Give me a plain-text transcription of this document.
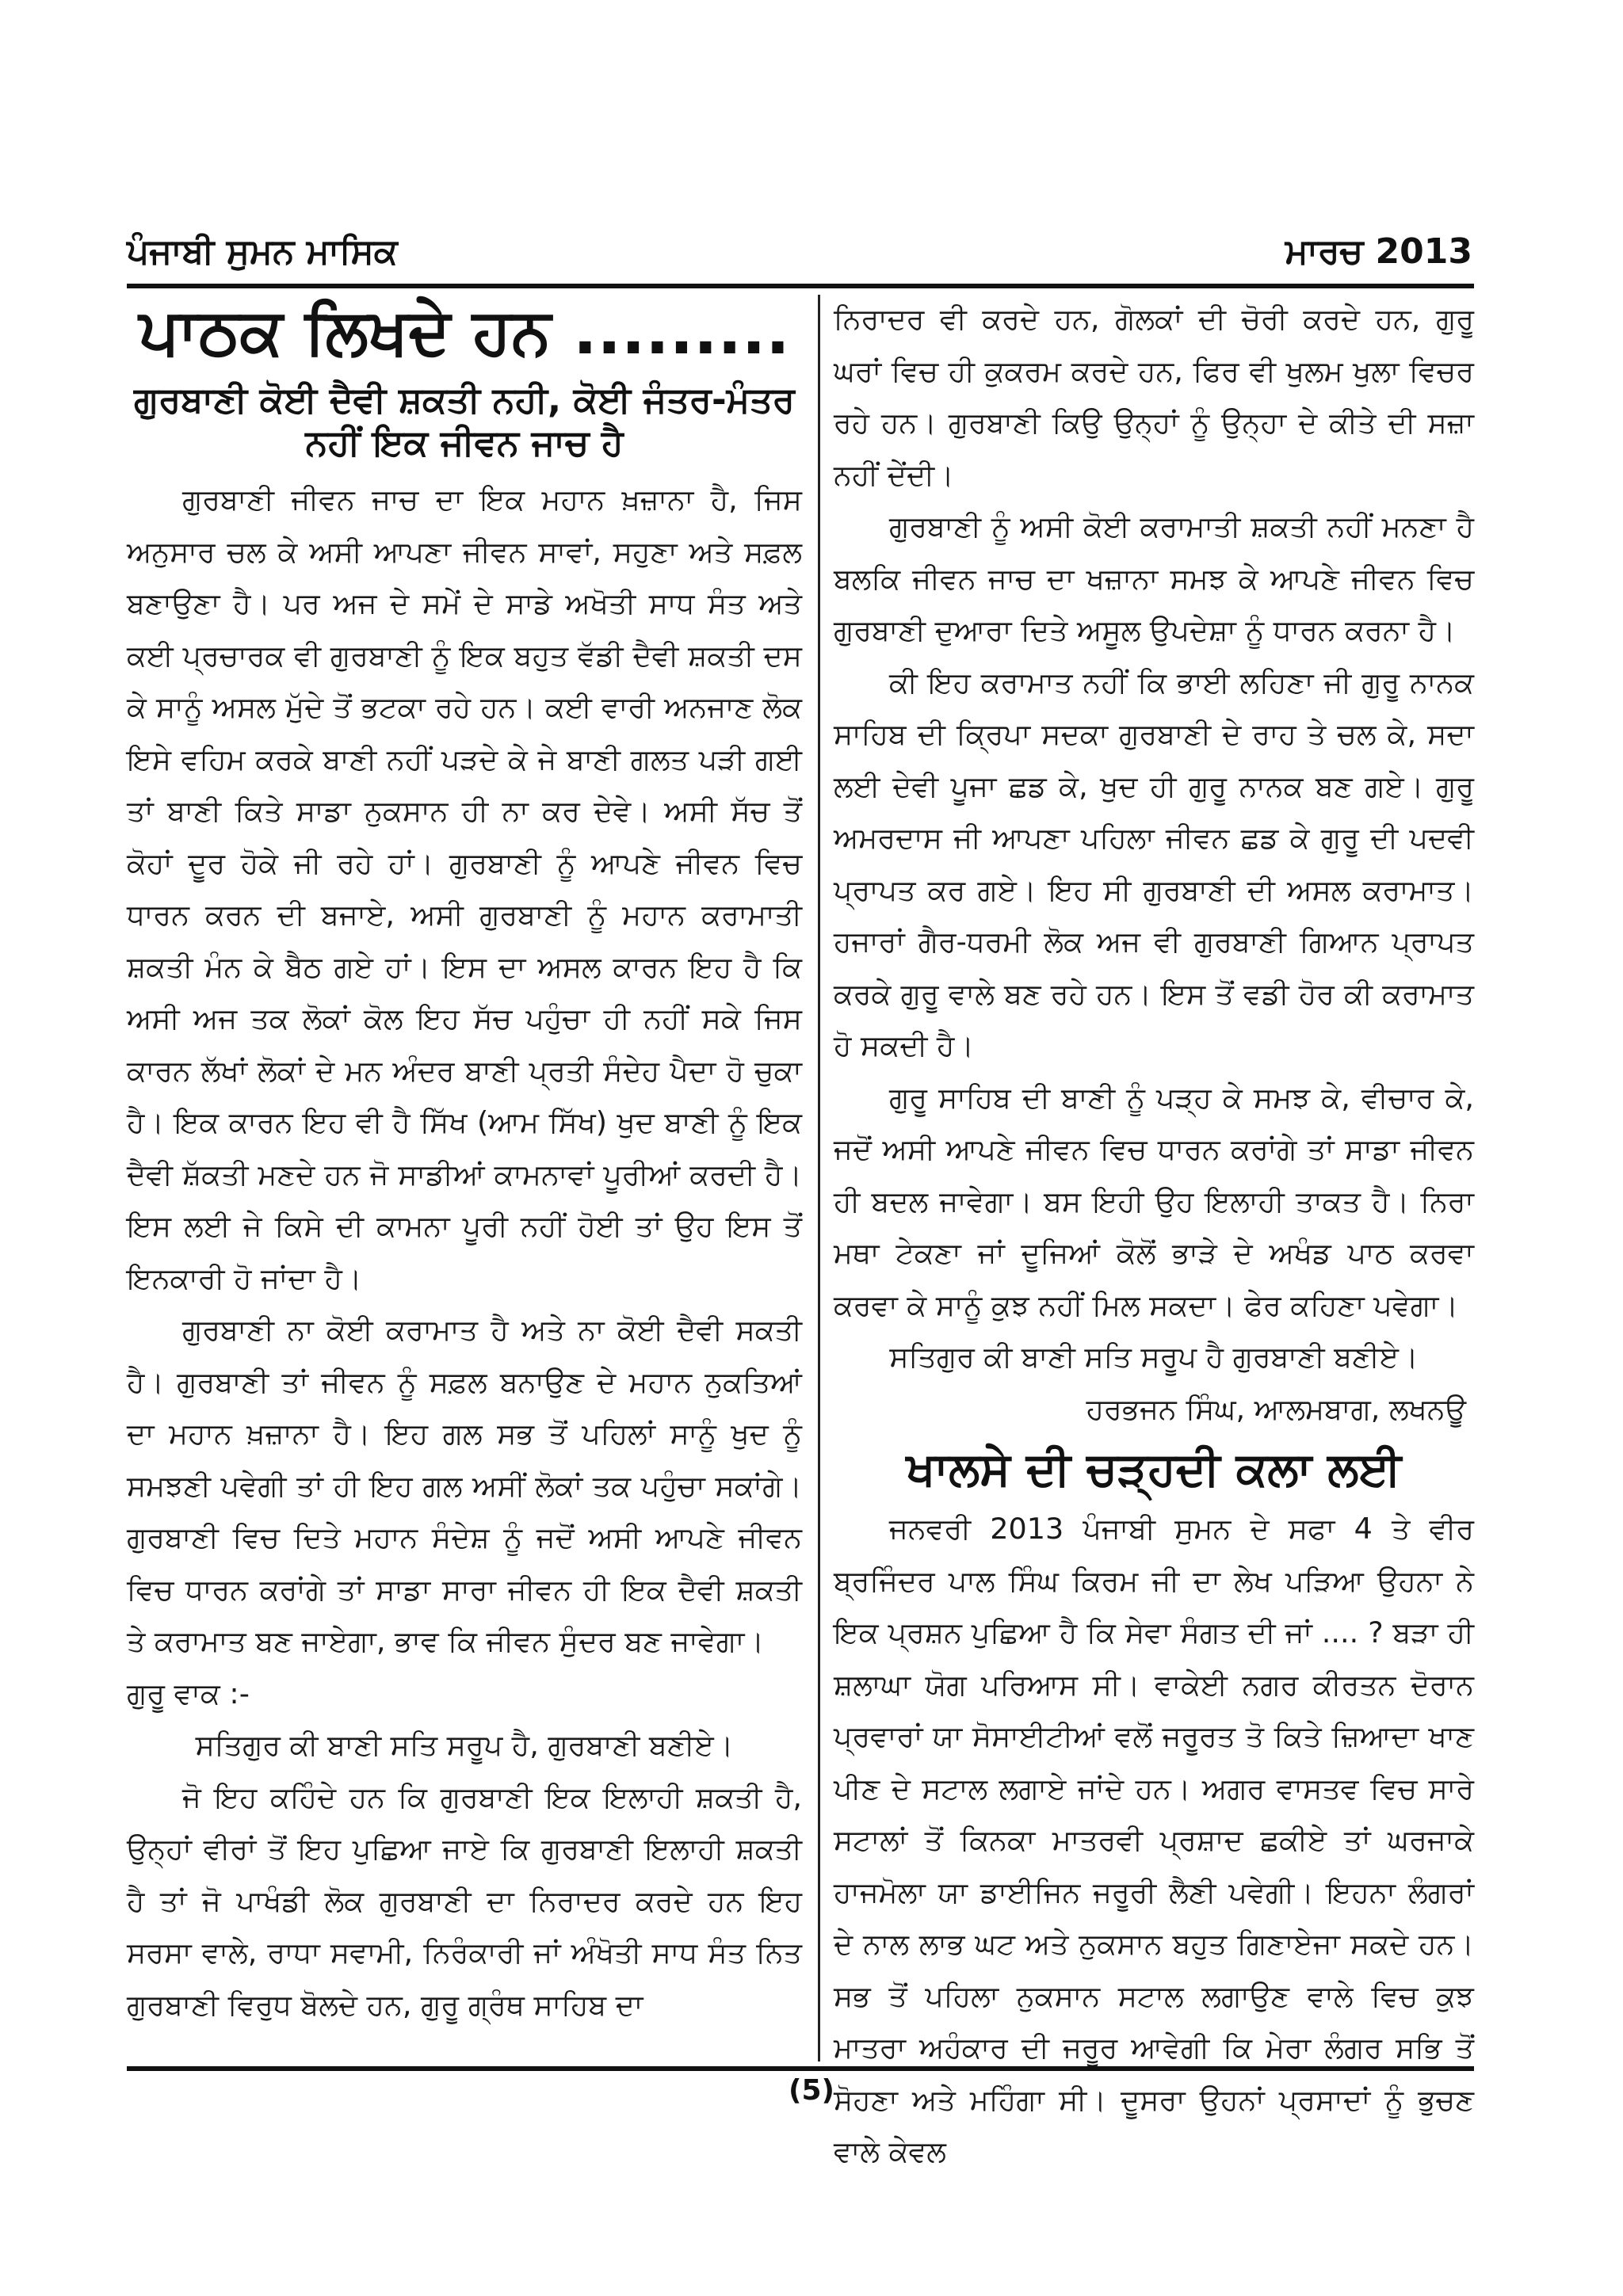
ਪੰਜਾਬੀ ਸੁਮਨ ਮਾਸਿਕ	ਮਾਰਚ 2013
ਪਾਠਕ ਲਿਖਦੇ ਹਨ .........
ਗੁਰਬਾਣੀ ਕੋਈ ਦੈਵੀ ਸ਼ਕਤੀ ਨਹੀ, ਕੋਈ ਜੰਤਰ-ਮੰਤਰ ਨਹੀਂ ਇਕ ਜੀਵਨ ਜਾਚ ਹੈ

ਗੁਰਬਾਣੀ ਜੀਵਨ ਜਾਚ ਦਾ ਇਕ ਮਹਾਨ ਖ਼ਜ਼ਾਨਾ ਹੈ, ਜਿਸ ਅਨੁਸਾਰ ਚਲ ਕੇ ਅਸੀ ਆਪਣਾ ਜੀਵਨ ਸਾਵਾਂ, ਸਹੁਣਾ ਅਤੇ ਸਫ਼ਲ ਬਣਾਉਣਾ ਹੈ। ਪਰ ਅਜ ਦੇ ਸਮੇਂ ਦੇ ਸਾਡੇ ਅਖੋਤੀ ਸਾਧ ਸੰਤ ਅਤੇ ਕਈ ਪ੍ਰਚਾਰਕ ਵੀ ਗੁਰਬਾਣੀ ਨੂੰ ਇਕ ਬਹੁਤ ਵੱਡੀ ਦੈਵੀ ਸ਼ਕਤੀ ਦਸ ਕੇ ਸਾਨੂੰ ਅਸਲ ਮੁੱਦੇ ਤੋਂ ਭਟਕਾ ਰਹੇ ਹਨ। ਕਈ ਵਾਰੀ ਅਨਜਾਣ ਲੋਕ ਇਸੇ ਵਹਿਮ ਕਰਕੇ ਬਾਣੀ ਨਹੀਂ ਪੜਦੇ ਕੇ ਜੇ ਬਾਣੀ ਗਲਤ ਪੜੀ ਗਈ ਤਾਂ ਬਾਣੀ ਕਿਤੇ ਸਾਡਾ ਨੁਕਸਾਨ ਹੀ ਨਾ ਕਰ ਦੇਵੇ। ਅਸੀ ਸੱਚ ਤੋਂ ਕੋਹਾਂ ਦੂਰ ਹੋਕੇ ਜੀ ਰਹੇ ਹਾਂ। ਗੁਰਬਾਣੀ ਨੂੰ ਆਪਣੇ ਜੀਵਨ ਵਿਚ ਧਾਰਨ ਕਰਨ ਦੀ ਬਜਾਏ, ਅਸੀ ਗੁਰਬਾਣੀ ਨੂੰ ਮਹਾਨ ਕਰਾਮਾਤੀ ਸ਼ਕਤੀ ਮੰਨ ਕੇ ਬੈਠ ਗਏ ਹਾਂ। ਇਸ ਦਾ ਅਸਲ ਕਾਰਨ ਇਹ ਹੈ ਕਿ ਅਸੀ ਅਜ ਤਕ ਲੋਕਾਂ ਕੋਲ ਇਹ ਸੱਚ ਪਹੁੰਚਾ ਹੀ ਨਹੀਂ ਸਕੇ ਜਿਸ ਕਾਰਨ ਲੱਖਾਂ ਲੋਕਾਂ ਦੇ ਮਨ ਅੰਦਰ ਬਾਣੀ ਪ੍ਰਤੀ ਸੰਦੇਹ ਪੈਦਾ ਹੋ ਚੁਕਾ ਹੈ। ਇਕ ਕਾਰਨ ਇਹ ਵੀ ਹੈ ਸਿੱਖ (ਆਮ ਸਿੱਖ) ਖੁਦ ਬਾਣੀ ਨੂੰ ਇਕ ਦੈਵੀ ਸ਼ੱਕਤੀ ਮਣਦੇ ਹਨ ਜੋ ਸਾਡੀਆਂ ਕਾਮਨਾਵਾਂ ਪੂਰੀਆਂ ਕਰਦੀ ਹੈ। ਇਸ ਲਈ ਜੇ ਕਿਸੇ ਦੀ ਕਾਮਨਾ ਪੂਰੀ ਨਹੀਂ ਹੋਈ ਤਾਂ ਉਹ ਇਸ ਤੋਂ ਇਨਕਾਰੀ ਹੋ ਜਾਂਦਾ ਹੈ।

ਗੁਰਬਾਣੀ ਨਾ ਕੋਈ ਕਰਾਮਾਤ ਹੈ ਅਤੇ ਨਾ ਕੋਈ ਦੈਵੀ ਸਕਤੀ ਹੈ। ਗੁਰਬਾਣੀ ਤਾਂ ਜੀਵਨ ਨੂੰ ਸਫ਼ਲ ਬਨਾਉਣ ਦੇ ਮਹਾਨ ਨੁਕਤਿਆਂ ਦਾ ਮਹਾਨ ਖ਼ਜ਼ਾਨਾ ਹੈ। ਇਹ ਗਲ ਸਭ ਤੋਂ ਪਹਿਲਾਂ ਸਾਨੂੰ ਖੁਦ ਨੂੰ ਸਮਝਣੀ ਪਵੇਗੀ ਤਾਂ ਹੀ ਇਹ ਗਲ ਅਸੀਂ ਲੋਕਾਂ ਤਕ ਪਹੁੰਚਾ ਸਕਾਂਗੇ। ਗੁਰਬਾਣੀ ਵਿਚ ਦਿਤੇ ਮਹਾਨ ਸੰਦੇਸ਼ ਨੂੰ ਜਦੋਂ ਅਸੀ ਆਪਣੇ ਜੀਵਨ ਵਿਚ ਧਾਰਨ ਕਰਾਂਗੇ ਤਾਂ ਸਾਡਾ ਸਾਰਾ ਜੀਵਨ ਹੀ ਇਕ ਦੈਵੀ ਸ਼ਕਤੀ ਤੇ ਕਰਾਮਾਤ ਬਣ ਜਾਏਗਾ, ਭਾਵ ਕਿ ਜੀਵਨ ਸੁੰਦਰ ਬਣ ਜਾਵੇਗਾ।

ਗੁਰੂ ਵਾਕ :-

ਸਤਿਗੁਰ ਕੀ ਬਾਣੀ ਸਤਿ ਸਰੂਪ ਹੈ, ਗੁਰਬਾਣੀ ਬਣੀਏ।

ਜੋ ਇਹ ਕਹਿੰਦੇ ਹਨ ਕਿ ਗੁਰਬਾਣੀ ਇਕ ਇਲਾਹੀ ਸ਼ਕਤੀ ਹੈ, ਉਨ੍ਹਾਂ ਵੀਰਾਂ ਤੋਂ ਇਹ ਪੁਛਿਆ ਜਾਏ ਕਿ ਗੁਰਬਾਣੀ ਇਲਾਹੀ ਸ਼ਕਤੀ ਹੈ ਤਾਂ ਜੋ ਪਾਖੰਡੀ ਲੋਕ ਗੁਰਬਾਣੀ ਦਾ ਨਿਰਾਦਰ ਕਰਦੇ ਹਨ ਇਹ ਸਰਸਾ ਵਾਲੇ, ਰਾਧਾ ਸਵਾਮੀ, ਨਿਰੰਕਾਰੀ ਜਾਂ ਅੰਖੋਤੀ ਸਾਧ ਸੰਤ ਨਿਤ ਗੁਰਬਾਣੀ ਵਿਰੁਧ ਬੋਲਦੇ ਹਨ, ਗੁਰੂ ਗ੍ਰੰਥ ਸਾਹਿਬ ਦਾ

ਨਿਰਾਦਰ ਵੀ ਕਰਦੇ ਹਨ, ਗੋਲਕਾਂ ਦੀ ਚੋਰੀ ਕਰਦੇ ਹਨ, ਗੁਰੂ ਘਰਾਂ ਵਿਚ ਹੀ ਕੁਕਰਮ ਕਰਦੇ ਹਨ, ਫਿਰ ਵੀ ਖੁਲਮ ਖੁਲਾ ਵਿਚਰ ਰਹੇ ਹਨ। ਗੁਰਬਾਣੀ ਕਿਉ ਉਨ੍ਹਾਂ ਨੂੰ ਉਨ੍ਹਾ ਦੇ ਕੀਤੇ ਦੀ ਸਜ਼ਾ ਨਹੀਂ ਦੇਂਦੀ।

ਗੁਰਬਾਣੀ ਨੂੰ ਅਸੀ ਕੋਈ ਕਰਾਮਾਤੀ ਸ਼ਕਤੀ ਨਹੀਂ ਮਨਣਾ ਹੈ ਬਲਕਿ ਜੀਵਨ ਜਾਚ ਦਾ ਖਜ਼ਾਨਾ ਸਮਝ ਕੇ ਆਪਣੇ ਜੀਵਨ ਵਿਚ ਗੁਰਬਾਣੀ ਦੁਆਰਾ ਦਿਤੇ ਅਸੂਲ ਉਪਦੇਸ਼ਾ ਨੂੰ ਧਾਰਨ ਕਰਨਾ ਹੈ।

ਕੀ ਇਹ ਕਰਾਮਾਤ ਨਹੀਂ ਕਿ ਭਾਈ ਲਹਿਣਾ ਜੀ ਗੁਰੂ ਨਾਨਕ ਸਾਹਿਬ ਦੀ ਕ੍ਰਿਪਾ ਸਦਕਾ ਗੁਰਬਾਣੀ ਦੇ ਰਾਹ ਤੇ ਚਲ ਕੇ, ਸਦਾ ਲਈ ਦੇਵੀ ਪੂਜਾ ਛਡ ਕੇ, ਖੁਦ ਹੀ ਗੁਰੂ ਨਾਨਕ ਬਣ ਗਏ। ਗੁਰੂ ਅਮਰਦਾਸ ਜੀ ਆਪਣਾ ਪਹਿਲਾ ਜੀਵਨ ਛਡ ਕੇ ਗੁਰੂ ਦੀ ਪਦਵੀ ਪ੍ਰਾਪਤ ਕਰ ਗਏ। ਇਹ ਸੀ ਗੁਰਬਾਣੀ ਦੀ ਅਸਲ ਕਰਾਮਾਤ। ਹਜਾਰਾਂ ਗੈਰ-ਧਰਮੀ ਲੋਕ ਅਜ ਵੀ ਗੁਰਬਾਣੀ ਗਿਆਨ ਪ੍ਰਾਪਤ ਕਰਕੇ ਗੁਰੂ ਵਾਲੇ ਬਣ ਰਹੇ ਹਨ। ਇਸ ਤੋਂ ਵਡੀ ਹੋਰ ਕੀ ਕਰਾਮਾਤ ਹੋ ਸਕਦੀ ਹੈ।

ਗੁਰੂ ਸਾਹਿਬ ਦੀ ਬਾਣੀ ਨੂੰ ਪੜ੍ਹ ਕੇ ਸਮਝ ਕੇ, ਵੀਚਾਰ ਕੇ, ਜਦੋਂ ਅਸੀ ਆਪਣੇ ਜੀਵਨ ਵਿਚ ਧਾਰਨ ਕਰਾਂਗੇ ਤਾਂ ਸਾਡਾ ਜੀਵਨ ਹੀ ਬਦਲ ਜਾਵੇਗਾ। ਬਸ ਇਹੀ ਉਹ ਇਲਾਹੀ ਤਾਕਤ ਹੈ। ਨਿਰਾ ਮਥਾ ਟੇਕਣਾ ਜਾਂ ਦੂਜਿਆਂ ਕੋਲੋਂ ਭਾੜੇ ਦੇ ਅਖੰਡ ਪਾਠ ਕਰਵਾ ਕਰਵਾ ਕੇ ਸਾਨੂੰ ਕੁਝ ਨਹੀਂ ਮਿਲ ਸਕਦਾ। ਫੇਰ ਕਹਿਣਾ ਪਵੇਗਾ।

ਸਤਿਗੁਰ ਕੀ ਬਾਣੀ ਸਤਿ ਸਰੂਪ ਹੈ ਗੁਰਬਾਣੀ ਬਣੀਏ।

ਹਰਭਜਨ ਸਿੰਘ, ਆਲਮਬਾਗ, ਲਖਨਊ

ਖਾਲਸੇ ਦੀ ਚੜ੍ਹਦੀ ਕਲਾ ਲਈ

ਜਨਵਰੀ 2013 ਪੰਜਾਬੀ ਸੁਮਨ ਦੇ ਸਫਾ 4 ਤੇ ਵੀਰ ਬ੍ਰਜਿੰਦਰ ਪਾਲ ਸਿੰਘ ਕਿਰਮ ਜੀ ਦਾ ਲੇਖ ਪੜਿਆ ਉਹਨਾ ਨੇ ਇਕ ਪ੍ਰਸ਼ਨ ਪੁਛਿਆ ਹੈ ਕਿ ਸੇਵਾ ਸੰਗਤ ਦੀ ਜਾਂ .... ? ਬੜਾ ਹੀ ਸ਼ਲਾਘਾ ਯੋਗ ਪਰਿਆਸ ਸੀ। ਵਾਕੇਈ ਨਗਰ ਕੀਰਤਨ ਦੋਰਾਨ ਪ੍ਰਵਾਰਾਂ ਯਾ ਸੋਸਾਈਟੀਆਂ ਵਲੋਂ ਜਰੂਰਤ ਤੋ ਕਿਤੇ ਜ਼ਿਆਦਾ ਖਾਣ ਪੀਣ ਦੇ ਸਟਾਲ ਲਗਾਏ ਜਾਂਦੇ ਹਨ। ਅਗਰ ਵਾਸਤਵ ਵਿਚ ਸਾਰੇ ਸਟਾਲਾਂ ਤੋਂ ਕਿਨਕਾ ਮਾਤਰਵੀ ਪ੍ਰਸ਼ਾਦ ਛਕੀਏ ਤਾਂ ਘਰਜਾਕੇ ਹਾਜਮੋਲਾ ਯਾ ਡਾਈਜਿਨ ਜਰੂਰੀ ਲੈਣੀ ਪਵੇਗੀ। ਇਹਨਾ ਲੰਗਰਾਂ ਦੇ ਨਾਲ ਲਾਭ ਘਟ ਅਤੇ ਨੁਕਸਾਨ ਬਹੁਤ ਗਿਣਾਏਜਾ ਸਕਦੇ ਹਨ। ਸਭ ਤੋਂ ਪਹਿਲਾ ਨੁਕਸਾਨ ਸਟਾਲ ਲਗਾਉਣ ਵਾਲੇ ਵਿਚ ਕੁਝ ਮਾਤਰਾ ਅਹੰਕਾਰ ਦੀ ਜਰੂਰ ਆਵੇਗੀ ਕਿ ਮੇਰਾ ਲੰਗਰ ਸਭਿ ਤੋਂ ਸੋਹਣਾ ਅਤੇ ਮਹਿੰਗਾ ਸੀ। ਦੂਸਰਾ ਉਹਨਾਂ ਪ੍ਰਸਾਦਾਂ ਨੂੰ ਭੁਚਣ ਵਾਲੇ ਕੇਵਲ

(5)
